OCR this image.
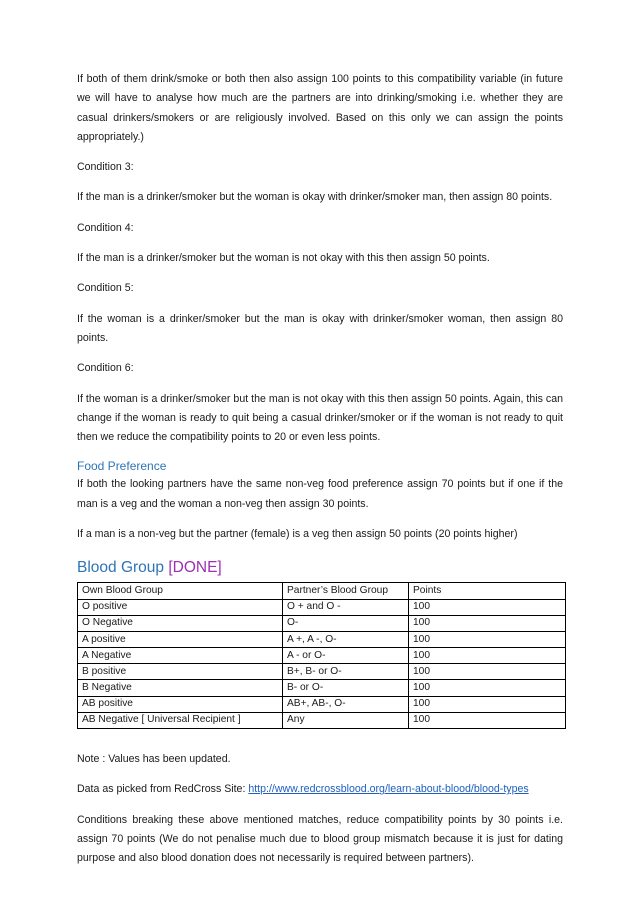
If both of them drink/smoke or both then also assign 100 points to this compatibility variable (in future we will have to analyse how much are the partners are into drinking/smoking i.e. whether they are casual drinkers/smokers or are religiously involved. Based on this only we can assign the points appropriately.)

Condition 3:

If the man is a drinker/smoker but the woman is okay with drinker/smoker man, then assign 80 points.

Condition 4:

If the man is a drinker/smoker but the woman is not okay with this then assign 50 points.

Condition 5:

If the woman is a drinker/smoker but the man is okay with drinker/smoker woman, then assign 80 points.

Condition 6:

If the woman is a drinker/smoker but the man is not okay with this then assign 50 points. Again, this can change if the woman is ready to quit being a casual drinker/smoker or if the woman is not ready to quit then we reduce the compatibility points to 20 or even less points.

Food Preference

If both the looking partners have the same non-veg food preference assign 70 points but if one if the man is a veg and the woman a non-veg then assign 30 points.

If a man is a non-veg but the partner (female) is a veg then assign 50 points (20 points higher)

Blood Group [DONE]
Own Blood Group	Partner’s Blood Group	Points
O positive	O + and O -	100
O Negative	O-	100
A positive	A +, A -, O-	100
A Negative	A - or O-	100
B positive	B+, B- or O-	100
B Negative	B- or O-	100
AB positive	AB+, AB-, O-	100
AB Negative [ Universal Recipient ]	Any	100

Note : Values has been updated.

Data as picked from RedCross Site: http://www.redcrossblood.org/learn-about-blood/blood-types

Conditions breaking these above mentioned matches, reduce compatibility points by 30 points i.e. assign 70 points (We do not penalise much due to blood group mismatch because it is just for dating purpose and also blood donation does not necessarily is required between partners).
